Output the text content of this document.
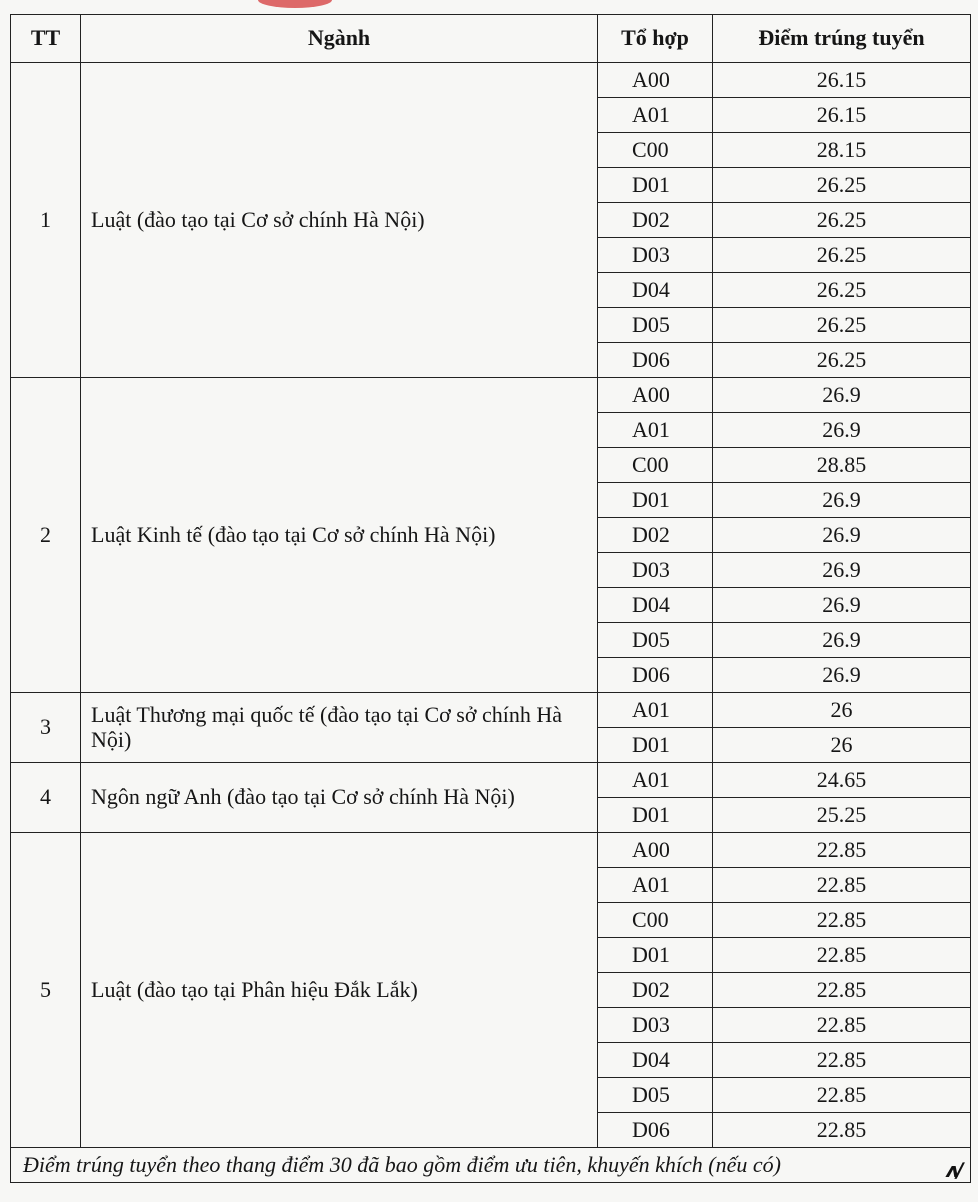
TT	Ngành	Tổ hợp	Điểm trúng tuyển
1	Luật (đào tạo tại Cơ sở chính Hà Nội)	A00	26.15
		A01	26.15
		C00	28.15
		D01	26.25
		D02	26.25
		D03	26.25
		D04	26.25
		D05	26.25
		D06	26.25
2	Luật Kinh tế (đào tạo tại Cơ sở chính Hà Nội)	A00	26.9
		A01	26.9
		C00	28.85
		D01	26.9
		D02	26.9
		D03	26.9
		D04	26.9
		D05	26.9
		D06	26.9
3	Luật Thương mại quốc tế (đào tạo tại Cơ sở chính Hà Nội)	A01	26
		D01	26
4	Ngôn ngữ Anh (đào tạo tại Cơ sở chính Hà Nội)	A01	24.65
		D01	25.25
5	Luật (đào tạo tại Phân hiệu Đắk Lắk)	A00	22.85
		A01	22.85
		C00	22.85
		D01	22.85
		D02	22.85
		D03	22.85
		D04	22.85
		D05	22.85
		D06	22.85
Điểm trúng tuyển theo thang điểm 30 đã bao gồm điểm ưu tiên, khuyến khích (nếu có) ᴧ∕			
